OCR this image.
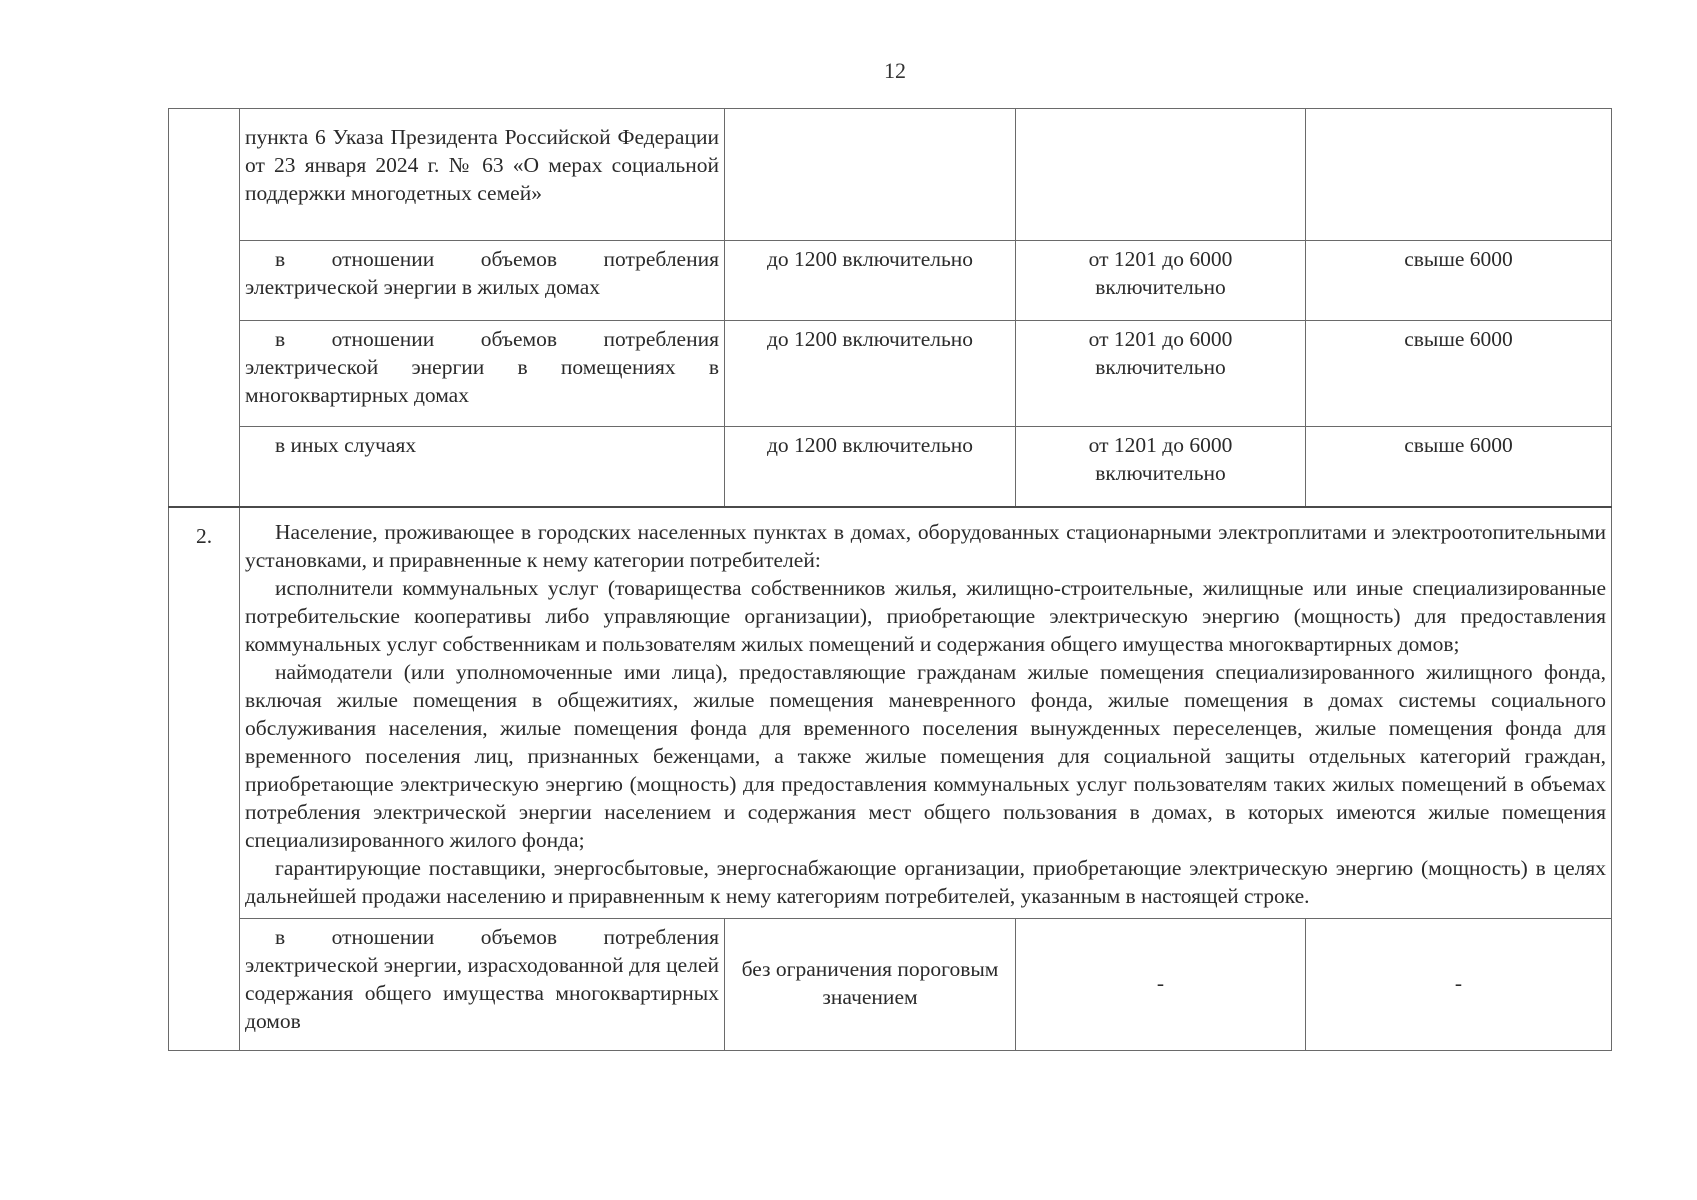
12
	пункта 6 Указа Президента Российской Федерации от 23 января 2024 г. № 63 «О мерах социальной поддержки многодетных семей»			
	в отношении объемов потребления электрической энергии в жилых домах	до 1200 включительно	от 1201 до 6000 включительно	свыше 6000
	в отношении объемов потребления электрической энергии в помещениях в многоквартирных домах	до 1200 включительно	от 1201 до 6000 включительно	свыше 6000
	в иных случаях	до 1200 включительно	от 1201 до 6000 включительно	свыше 6000
2.	Население, проживающее в городских населенных пунктах в домах, оборудованных стационарными электроплитами и электроотопительными установками, и приравненные к нему категории потребителей:

исполнители коммунальных услуг (товарищества собственников жилья, жилищно-строительные, жилищные или иные специализированные потребительские кооперативы либо управляющие организации), приобретающие электрическую энергию (мощность) для предоставления коммунальных услуг собственникам и пользователям жилых помещений и содержания общего имущества многоквартирных домов;

наймодатели (или уполномоченные ими лица), предоставляющие гражданам жилые помещения специализированного жилищного фонда, включая жилые помещения в общежитиях, жилые помещения маневренного фонда, жилые помещения в домах системы социального обслуживания населения, жилые помещения фонда для временного поселения вынужденных переселенцев, жилые помещения фонда для временного поселения лиц, признанных беженцами, а также жилые помещения для социальной защиты отдельных категорий граждан, приобретающие электрическую энергию (мощность) для предоставления коммунальных услуг пользователям таких жилых помещений в объемах потребления электрической энергии населением и содержания мест общего пользования в домах, в которых имеются жилые помещения специализированного жилого фонда;

гарантирующие поставщики, энергосбытовые, энергоснабжающие организации, приобретающие электрическую энергию (мощность) в целях дальнейшей продажи населению и приравненным к нему категориям потребителей, указанным в настоящей строке.			

	в отношении объемов потребления электрической энергии, израсходованной для целей содержания общего имущества многоквартирных домов	без ограничения пороговым значением	-	-
